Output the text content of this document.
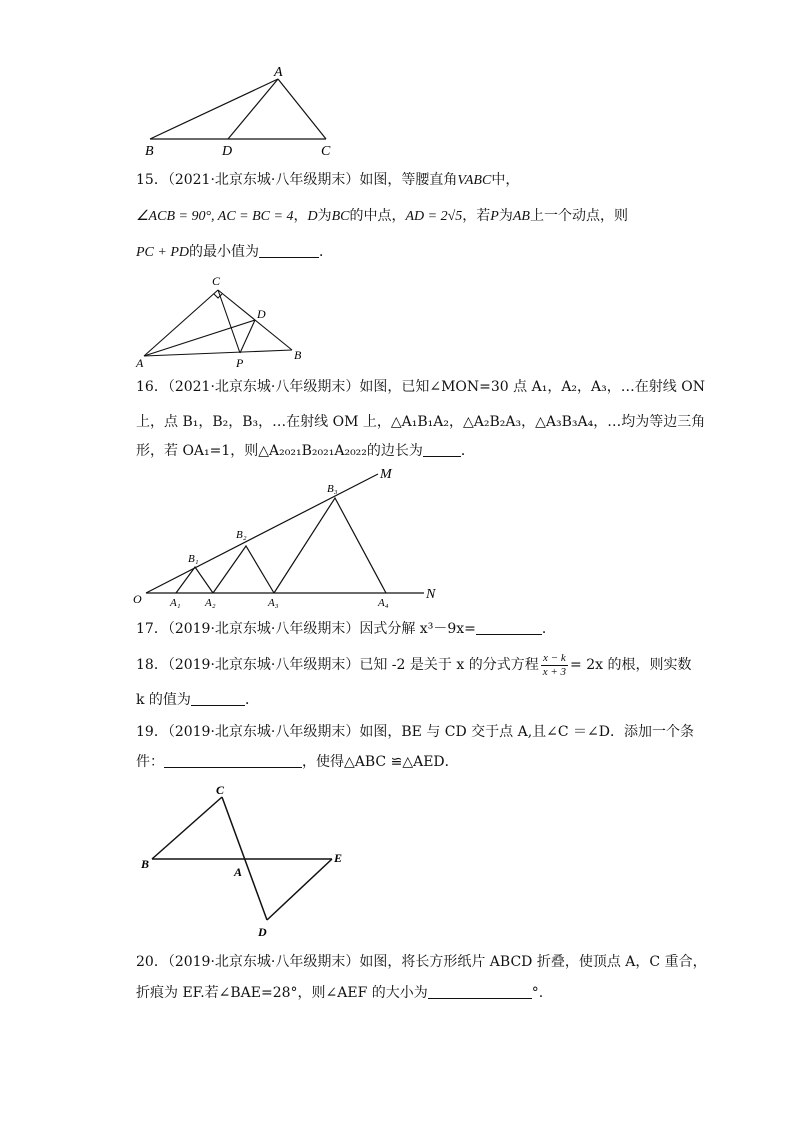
A
B	D	C
15．（2021·北京东城·八年级期末）如图，等腰直角VABC中，
∠ACB = 90°, AC = BC = 4，D为BC的中点，AD = 2√5，若P为AB上一个动点，则
PC + PD的最小值为	．
C
D
A	P
B
16．（2021·北京东城·八年级期末）如图，已知∠MON=30 点 A₁，A₂，A₃，…在射线 ON
上，点 B₁，B₂，B₃，…在射线 OM 上，△A₁B₁A₂，△A₂B₂A₃，△A₃B₃A₄，…均为等边三角
形，若 OA₁=1，则△A₂₀₂₁B₂₀₂₁A₂₀₂₂的边长为	．
O	N
M
A₁ A₂	A₃	A₄
B₁
B₂
B₃
17．（2019·北京东城·八年级期末）因式分解 x³－9x=	．
18．（2019·北京东城·八年级期末）已知 -2 是关于 x 的分式方程 $\frac{x - k}{x + 3} = 2x$ 的根，则实数
k 的值为	．
19．（2019·北京东城·八年级期末）如图，BE 与 CD 交于点 A,且∠C ＝∠D．添加一个条
件：	，使得△ABC ≌△AED．
C
B
A
E
D
20．（2019·北京东城·八年级期末）如图，将长方形纸片 ABCD 折叠，使顶点 A，C 重合，
折痕为 EF.若∠BAE=28°，则∠AEF 的大小为	°.
